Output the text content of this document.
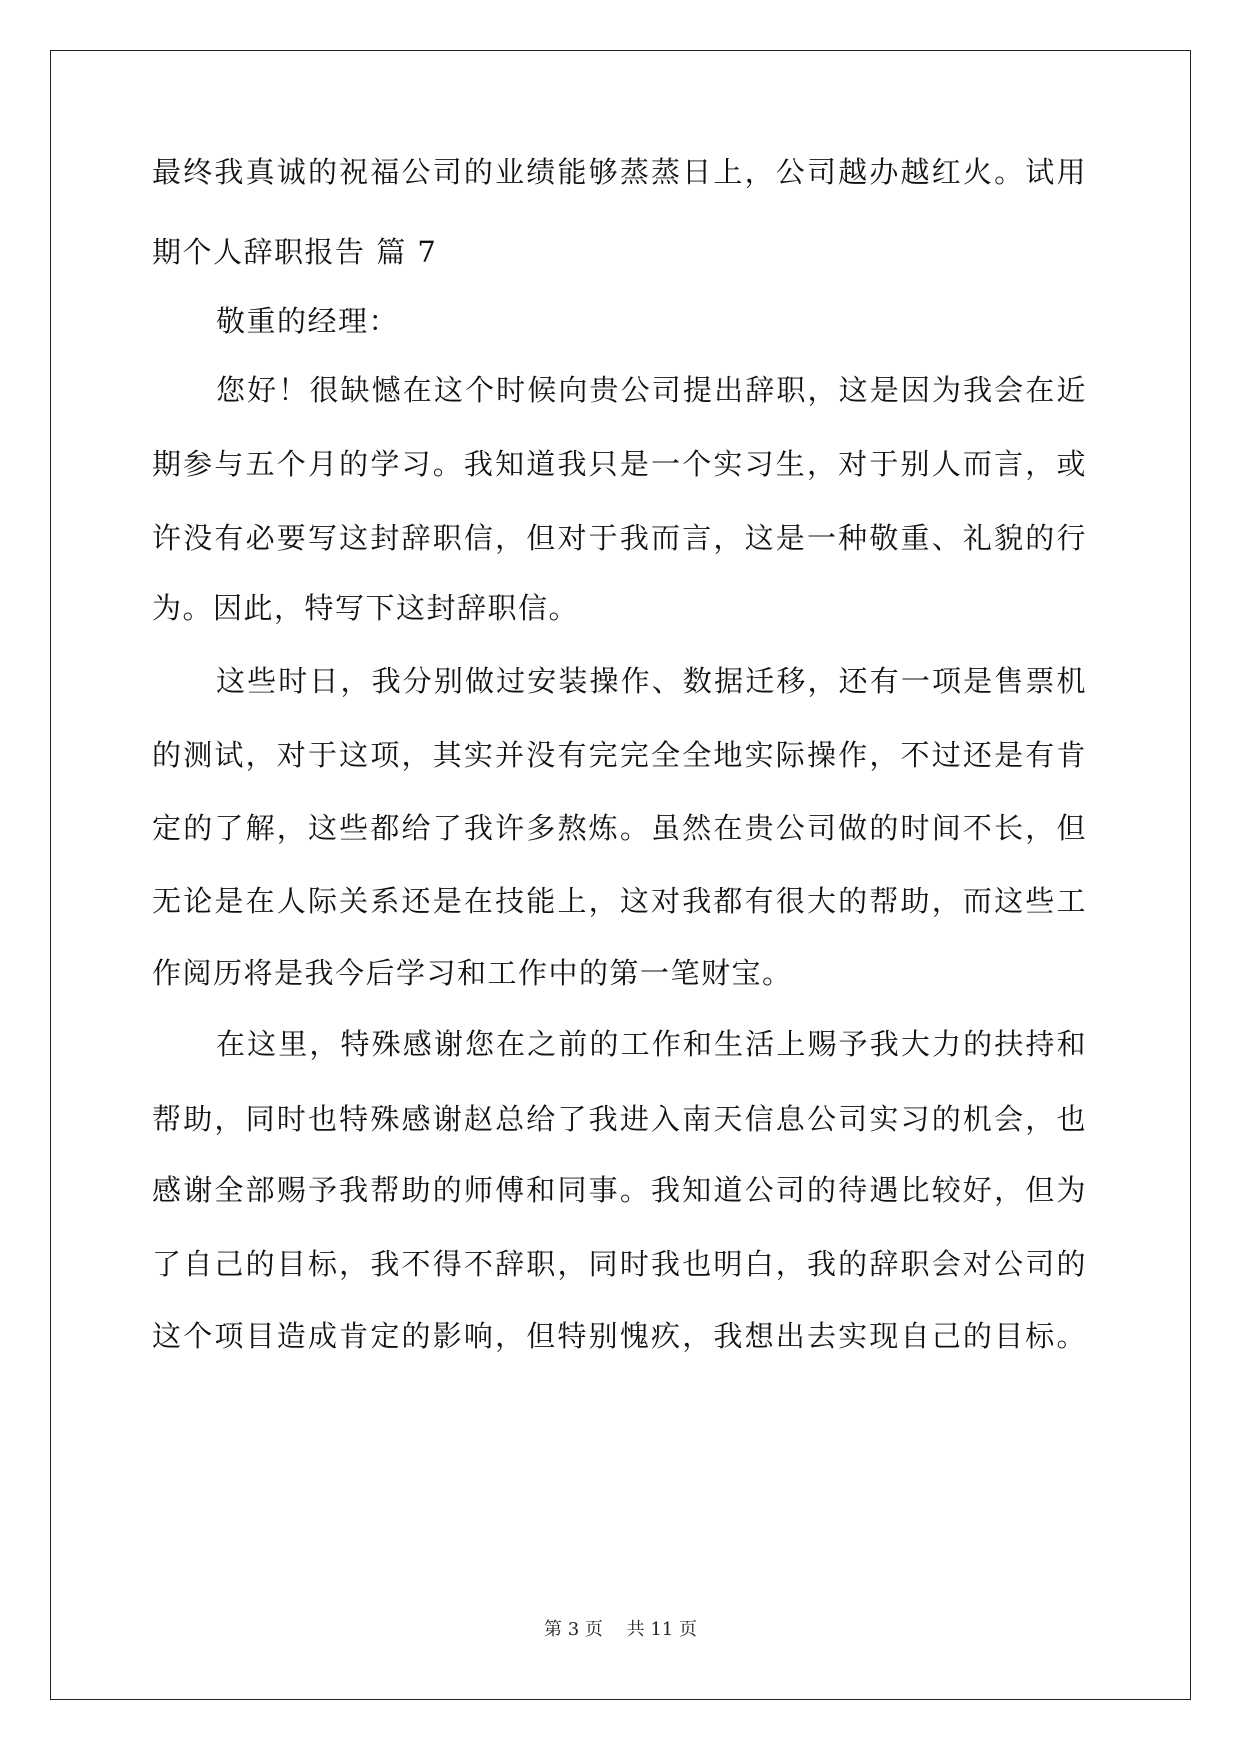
最终我真诚的祝福公司的业绩能够蒸蒸日上，公司越办越红火。试用
期个人辞职报告 篇 7
敬重的经理：
您好！很缺憾在这个时候向贵公司提出辞职，这是因为我会在近
期参与五个月的学习。我知道我只是一个实习生，对于别人而言，或
许没有必要写这封辞职信，但对于我而言，这是一种敬重、礼貌的行
为。因此，特写下这封辞职信。
这些时日，我分别做过安装操作、数据迁移，还有一项是售票机
的测试，对于这项，其实并没有完完全全地实际操作，不过还是有肯
定的了解，这些都给了我许多熬炼。虽然在贵公司做的时间不长，但
无论是在人际关系还是在技能上，这对我都有很大的帮助，而这些工
作阅历将是我今后学习和工作中的第一笔财宝。
在这里，特殊感谢您在之前的工作和生活上赐予我大力的扶持和
帮助，同时也特殊感谢赵总给了我进入南天信息公司实习的机会，也
感谢全部赐予我帮助的师傅和同事。我知道公司的待遇比较好，但为
了自己的目标，我不得不辞职，同时我也明白，我的辞职会对公司的
这个项目造成肯定的影响，但特别愧疚，我想出去实现自己的目标。
第 3 页　 共 11 页
